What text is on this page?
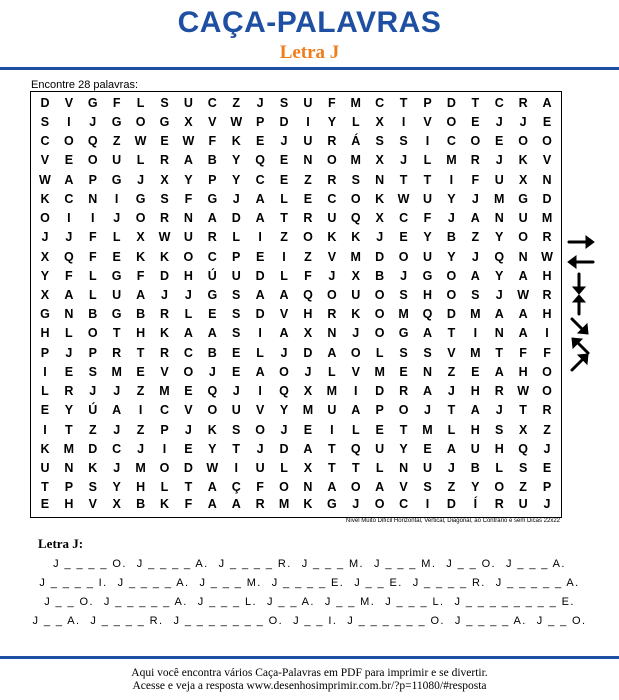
CAÇA-PALAVRAS
Letra J
Encontre 28 palavras:
D	V	G	F	L	S	U	C	Z	J	S	U	F	M	C	T	P	D	T	C	R	A
S	I	J	G	O	G	X	V	W	P	D	I	Y	L	X	I	V	O	E	J	J	E
C	O	Q	Z	W	E	W	F	K	E	J	U	R	Á	S	S	I	C	O	E	O	O
V	E	O	U	L	R	A	B	Y	Q	E	N	O	M	X	J	L	M	R	J	K	V
W	A	P	G	J	X	Y	P	Y	C	E	Z	R	S	N	T	T	I	F	U	X	N
K	C	N	I	G	S	F	G	J	A	L	E	C	O	K	W	U	Y	J	M	G	D
O	I	I	J	O	R	N	A	D	A	T	R	U	Q	X	C	F	J	A	N	U	M
J	J	F	L	X	W	U	R	L	I	Z	O	K	K	J	E	Y	B	Z	Y	O	R
X	Q	F	E	K	K	O	C	P	E	I	Z	V	M	D	O	U	Y	J	Q	N	W
Y	F	L	G	F	D	H	Ú	U	D	L	F	J	X	B	J	G	O	A	Y	A	H
X	A	L	U	A	J	J	G	S	A	A	Q	O	U	O	S	H	O	S	J	W	R
G	N	B	G	B	R	L	E	S	D	V	H	R	K	O	M	Q	D	M	A	A	H
H	L	O	T	H	K	A	A	S	I	A	X	N	J	O	G	A	T	I	N	A	I
P	J	P	R	T	R	C	B	E	L	J	D	A	O	L	S	S	V	M	T	F	F
I	E	S	M	E	V	O	J	E	A	O	J	L	V	M	E	N	Z	E	A	H	O
L	R	J	J	Z	M	E	Q	J	I	Q	X	M	I	D	R	A	J	H	R	W	O
E	Y	Ú	A	I	C	V	O	U	V	Y	M	U	A	P	O	J	T	A	J	T	R
I	T	Z	J	Z	P	J	K	S	O	J	E	I	L	E	T	M	L	H	S	X	Z
K	M	D	C	J	I	E	Y	T	J	D	A	T	Q	U	Y	E	A	U	H	Q	J
U	N	K	J	M	O	D	W	I	U	L	X	T	T	L	N	U	J	B	L	S	E
T	P	S	Y	H	L	T	A	Ç	F	O	N	A	O	A	V	S	Z	Y	O	Z	P
E	H	V	X	B	K	F	A	A	R	M	K	G	J	O	C	I	D	Í	R	U	J
Nível Muito Difícil Horizontal, Vertical, Diagonal, ao Contrário e sem Dicas 22x22
Letra J:
J _ _ _ _ O. J _ _ _ _ A. J _ _ _ _ R. J _ _ _ M. J _ _ _ M. J _ _ O. J _ _ _ A.
J _ _ _ _ I. J _ _ _ _ A. J _ _ _ M. J _ _ _ _ E. J _ _ E. J _ _ _ _ R. J _ _ _ _ _ A.
J _ _ O. J _ _ _ _ _ A. J _ _ _ L. J _ _ A. J _ _ M. J _ _ _ L. J _ _ _ _ _ _ _ _ E.
J _ _ A. J _ _ _ _ R. J _ _ _ _ _ _ _ O. J _ _ I. J _ _ _ _ _ _ O. J _ _ _ _ A. J _ _ O.
Aqui você encontra vários Caça-Palavras em PDF para imprimir e se divertir.
Acesse e veja a resposta www.desenhosimprimir.com.br/?p=11080/#resposta
